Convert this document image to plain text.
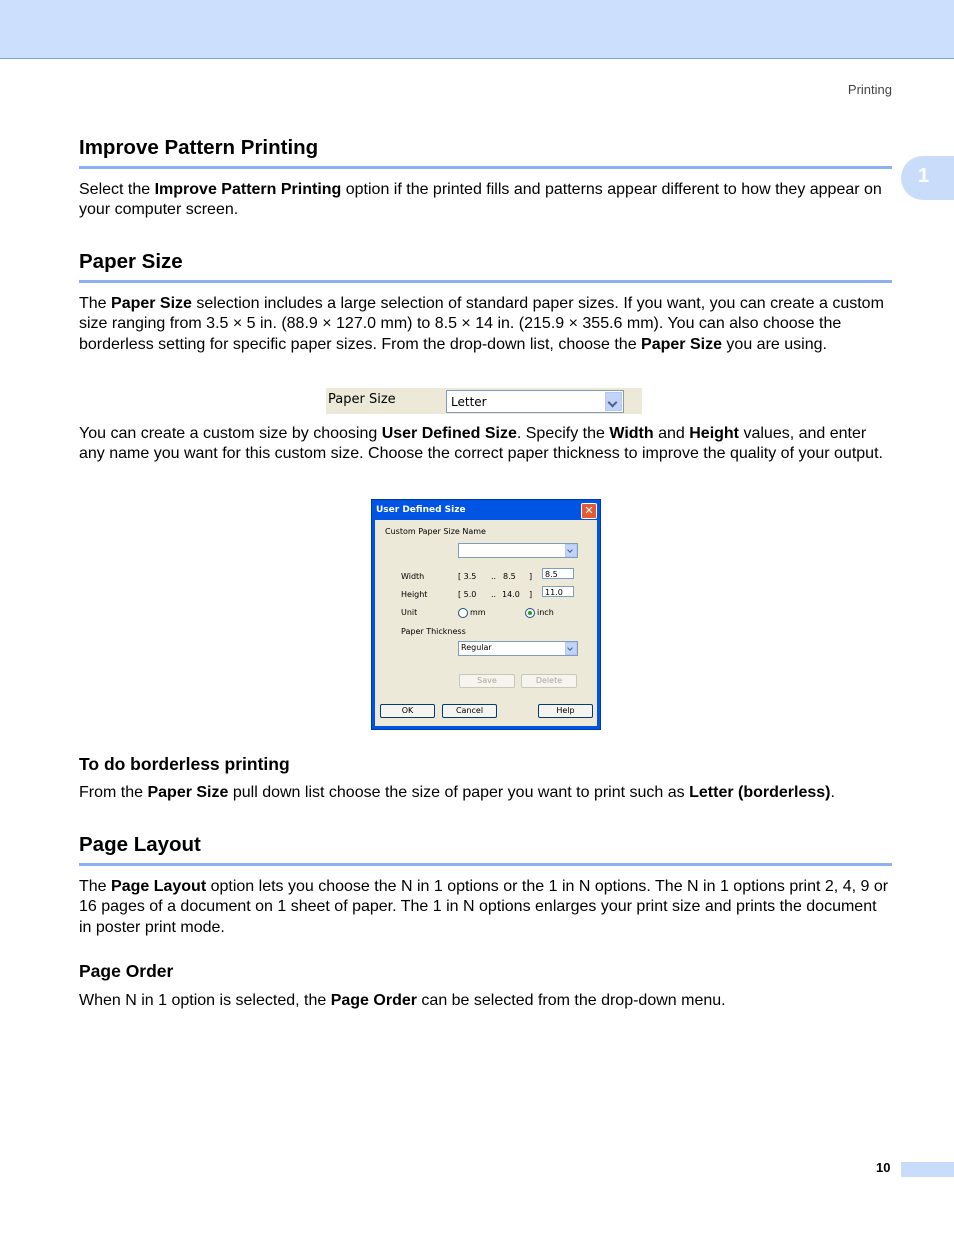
Printing
1
Improve Pattern Printing

Select the Improve Pattern Printing option if the printed fills and patterns appear different to how they appear on your computer screen.

Paper Size

The Paper Size selection includes a large selection of standard paper sizes. If you want, you can create a custom size ranging from 3.5 × 5 in. (88.9 × 127.0 mm) to 8.5 × 14 in. (215.9 × 355.6 mm). You can also choose the borderless setting for specific paper sizes. From the drop-down list, choose the Paper Size you are using.

Paper Size	Letter

You can create a custom size by choosing User Defined Size. Specify the Width and Height values, and enter any name you want for this custom size. Choose the correct paper thickness to improve the quality of your output.

User Defined Size	✕
Custom Paper Size Name
Width	[ 3.5 .. 8.5 ]	8.5
Height	[ 5.0 .. 14.0 ]	11.0
Unit	mm	inch
Paper Thickness
Regular
Save	Delete
OK	Cancel	Help
To do borderless printing

From the Paper Size pull down list choose the size of paper you want to print such as Letter (borderless).

Page Layout

The Page Layout option lets you choose the N in 1 options or the 1 in N options. The N in 1 options print 2, 4, 9 or 16 pages of a document on 1 sheet of paper. The 1 in N options enlarges your print size and prints the document in poster print mode.

Page Order

When N in 1 option is selected, the Page Order can be selected from the drop-down menu.

10
